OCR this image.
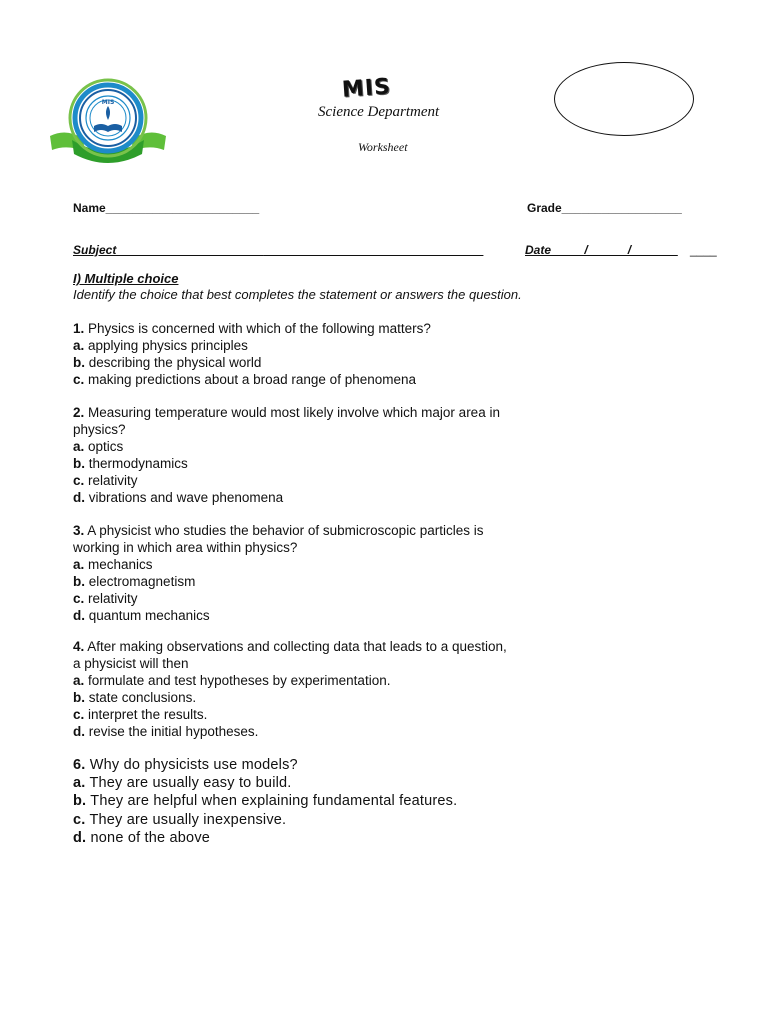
MIS	MIS
Science Department
Worksheet
Name_______________________	Grade__________________
Subject_______________________________________________________	Date_____/______/_______ ____
I) Multiple choice
Identify the choice that best completes the statement or answers the question.
1. Physics is concerned with which of the following matters?
a. applying physics principles
b. describing the physical world
c. making predictions about a broad range of phenomena
2. Measuring temperature would most likely involve which major area in
physics?
a. optics
b. thermodynamics
c. relativity
d. vibrations and wave phenomena
3. A physicist who studies the behavior of submicroscopic particles is
working in which area within physics?
a. mechanics
b. electromagnetism
c. relativity
d. quantum mechanics
4. After making observations and collecting data that leads to a question,
a physicist will then
a. formulate and test hypotheses by experimentation.
b. state conclusions.
c. interpret the results.
d. revise the initial hypotheses.
6. Why do physicists use models?
a. They are usually easy to build.
b. They are helpful when explaining fundamental features.
c. They are usually inexpensive.
d. none of the above
